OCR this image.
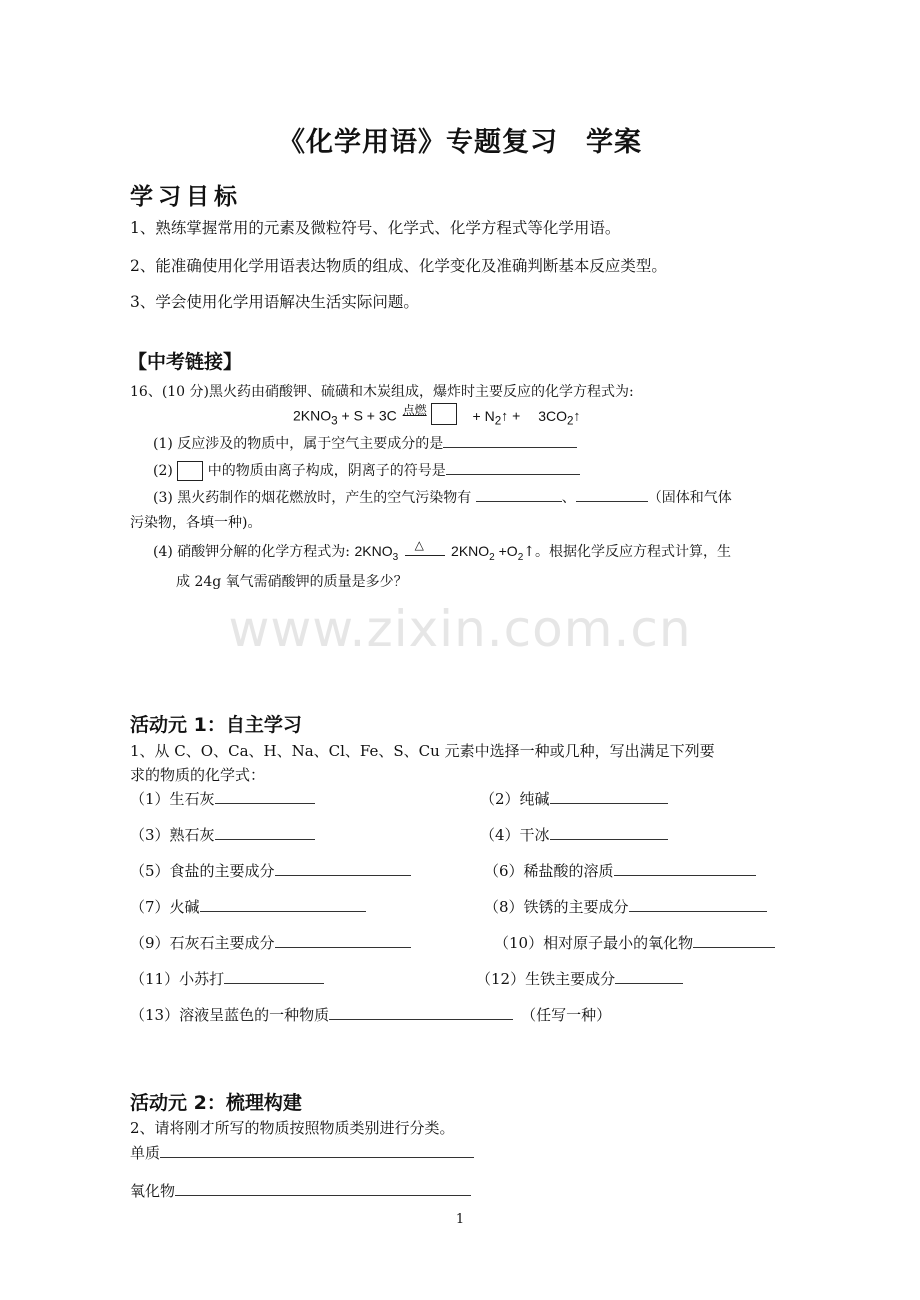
《化学用语》专题复习　学案
学习目标
1、熟练掌握常用的元素及微粒符号、化学式、化学方程式等化学用语。
2、能准确使用化学用语表达物质的组成、化学变化及准确判断基本反应类型。
3、学会使用化学用语解决生活实际问题。
【中考链接】
16、(10 分)黑火药由硝酸钾、硫磺和木炭组成，爆炸时主要反应的化学方程式为:
$2KNO_3 + S + 3C$ 点燃	+ $N_2↑$ + $3CO_2↑$
(1) 反应涉及的物质中，属于空气主要成分的是
(2) 中的物质由离子构成，阴离子的符号是
(3) 黑火药制作的烟花燃放时，产生的空气污染物有	、	（固体和气体
污染物，各填一种)。
(4) 硝酸钾分解的化学方程式为: $2KNO_3$
△ $2KNO_2$ $+O_2↑$。根据化学反应方程式计算，生
成 24g 氧气需硝酸钾的质量是多少？
www.zixin.com.cn
活动元 1：自主学习
1、从 C、O、Ca、H、Na、Cl、Fe、S、Cu 元素中选择一种或几种，写出满足下列要
求的物质的化学式：
（1）生石灰	（2）纯碱
（3）熟石灰	（4）干冰
（5）食盐的主要成分	（6）稀盐酸的溶质
（7）火碱	（8）铁锈的主要成分
（9）石灰石主要成分	（10）相对原子最小的氧化物
（11）小苏打	（12）生铁主要成分
（13）溶液呈蓝色的一种物质	（任写一种）
活动元 2：梳理构建
2、请将刚才所写的物质按照物质类别进行分类。
单质
氧化物
1
